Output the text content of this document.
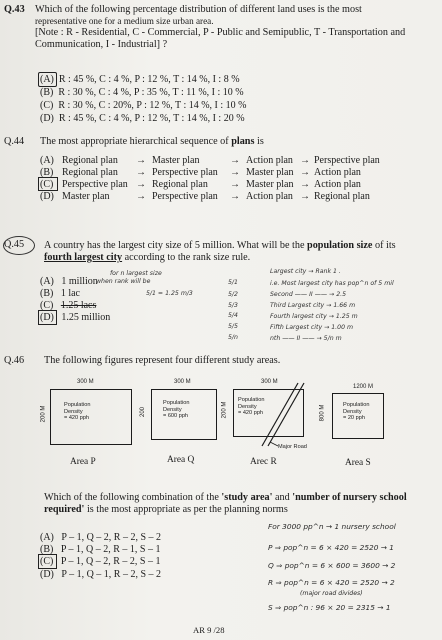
Q.43 Which of the following percentage distribution of different land uses is the most
representative one for a medium size urban area.
[Note : R - Residential, C - Commercial, P - Public and Semipublic, T - Transportation and
Communication, I - Industrial] ?
(A) R : 45 %, C : 4 %, P : 12 %, T : 14 %, I : 8 %
(B) R : 30 %, C : 4 %, P : 35 %, T : 11 %, I : 10 %
(C) R : 30 %, C : 20%, P : 12 %, T : 14 %, I : 10 %
(D) R : 45 %, C : 4 %, P : 12 %, T : 14 %, I : 20 %
Q.44 The most appropriate hierarchical sequence of plans is
(A) Regional plan → Master plan	→ Action plan → Perspective plan
(B) Regional plan → Perspective plan → Master plan → Action plan
(C) Perspective plan → Regional plan → Master plan → Action plan
(D) Master plan	→ Perspective plan → Action plan → Regional plan
Q.45 A country has the largest city size of 5 million. What will be the population size of its
fourth largest city according to the rank size rule.
(A) 1 million
(B) 1 lac
(C) 1.25 lacs
(D) 1.25 million
for n largest size
when rank will be
5/1 = 1.25 m/3
5/1
5/2
5/3
5/4
5/5
5/n
Largest city → Rank 1 .
i.e. Most largest city has pop^n of 5 mil
Second —— II —— → 2.5
Third Largest city → 1.66 m
Fourth largest city → 1.25 m
Fifth Largest city → 1.00 m
nth —— II —— → 5/n m
Q.46 The following figures represent four different study areas.
300 M
200 M
Population
Density
= 420 pph
Area P
300 M
200
Population
Density
= 600 pph
Area Q
300 M
200 M
Population
Density
= 420 pph
Major Road
Arec R
1200 M
800 M	Population
Density
= 20 pph
Area S
Which of the following combination of the 'study area' and 'number of nursery school
required' is the most appropriate as per the planning norms
(A) P – 1, Q – 2, R – 2, S – 2
(B) P – 1, Q – 2, R – 1, S – 1
(C) P – 1, Q – 2, R – 2, S – 1
(D) P – 1, Q – 1, R – 2, S – 2
For 3000 pp^n → 1 nursery school
P ⇒ pop^n = 6 × 420 = 2520 → 1
Q ⇒ pop^n = 6 × 600 = 3600 → 2
R ⇒ pop^n = 6 × 420 = 2520 → 2
(major road divides)
S ⇒ pop^n : 96 × 20 = 2315 → 1
AR 9 /28
